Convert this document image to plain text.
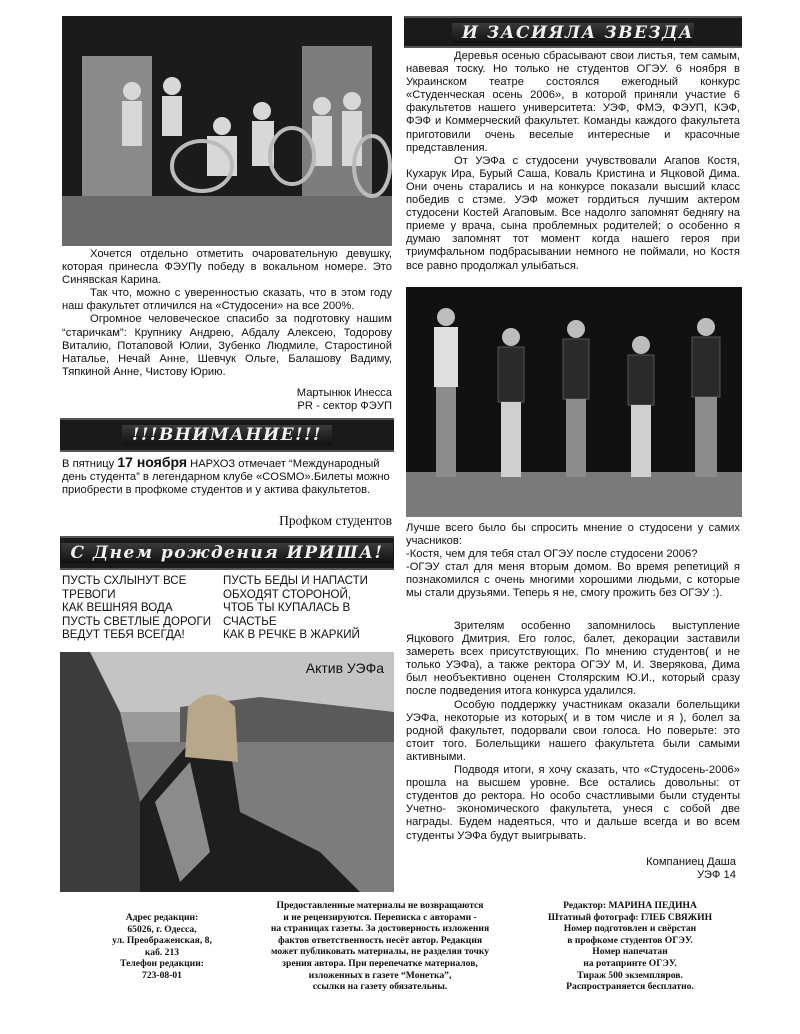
Хочется отдельно отметить очаровательную девушку, которая принесла ФЭУПу победу в вокальном номере. Это Синявская Карина.

Так что, можно с уверенностью сказать, что в этом году наш факультет отличился на «Студосени» на все 200%.

Огромное человеческое спасибо за подготовку нашим “старичкам”: Крупнику Андрею, Абдалу Алексею, Тодорову Виталию, Потаповой Юлии, Зубенко Людмиле, Старостиной Наталье, Нечай Анне, Шевчук Ольге, Балашову Вадиму, Тяпкиной Анне, Чистову Юрию.

Мартынюк Инесса
PR - сектор ФЭУП
!!!ВНИМАНИЕ!!!
В пятницу 17 ноября НАРХОЗ отмечает “Международный день студента” в легендарном клубе «COSMO».Билеты можно приобрести в профкоме студентов и у актива факультетов.
Профком студентов
С Днем рождения ИРИША!
ПУСТЬ СХЛЫНУТ ВСЕ
ТРЕВОГИ
КАК ВЕШНЯЯ ВОДА
ПУСТЬ СВЕТЛЫЕ ДОРОГИ
ВЕДУТ ТЕБЯ ВСЕГДА!
ПУСТЬ БЕДЫ И НАПАСТИ
ОБХОДЯТ СТОРОНОЙ,
ЧТОБ ТЫ КУПАЛАСЬ В
СЧАСТЬЕ
КАК В РЕЧКЕ В ЖАРКИЙ
Актив УЭФа
И ЗАСИЯЛА ЗВЕЗДА

Деревья осенью сбрасывают свои листья, тем самым, навевая тоску. Но только не студентов ОГЭУ. 6 ноября в Украинском театре состоялся ежегодный конкурс «Студенческая осень 2006», в которой приняли участие 6 факультетов нашего университета: УЭФ, ФМЭ, ФЭУП, КЭФ, ФЭФ и Коммерческий факультет. Команды каждого факультета приготовили очень веселые интересные и красочные представления.

От УЭФа с студосени учувствовали Агапов Костя, Кухарук Ира, Бурый Саша, Коваль Кристина и Яцковой Дима. Они очень старались и на конкурсе показали высший класс победив с стэме. УЭФ может гордиться лучшим актером студосени Костей Агаповым. Все надолго запомнят беднягу на приеме у врача, сына проблемных родителей; о особенно я думаю запомнят тот момент когда нашего героя при триумфальном подбрасывании немного не поймали, но Костя все равно продолжал улыбаться.

Лучше всего было бы спросить мнение о студосени у самих учасников:
-Костя, чем для тебя стал ОГЭУ после студосени 2006?
-ОГЭУ стал для меня вторым домом. Во время репетиций я познакомился с очень многими хорошими людьми, с которые мы стали друзьями. Теперь я не, смогу прожить без ОГЭУ :).

Зрителям особенно запомнилось выступление Яцкового Дмитрия. Его голос, балет, декорации заставили замереть всех присутствующих. По мнению студентов( и не только УЭФа), а также ректора ОГЭУ М, И. Зверякова, Дима был необъективно оценен Столярским Ю.И., который сразу после подведения итога конкурса удалился.

Особую поддержку участникам оказали болельщики УЭФа, некоторые из которых( и в том числе и я ), болел за родной факультет, подорвали свои голоса. Но поверьте: это стоит того. Болельщики нашего факультета были самыми активными.

Подводя итоги, я хочу сказать, что «Студосень-2006» прошла на высшем уровне. Все остались довольны: от студентов до ректора. Но особо счастливыми были студенты Учетно- экономического факультета, унеся с собой две награды. Будем надеяться, что и дальше всегда и во всем студенты УЭФа будут выигрывать.

Компаниец Даша
УЭФ 14
Адрес редакции:
65026, г. Одесса,
ул. Преображенская, 8,
каб. 213
Телефон редакции:
723-08-01
Предоставленные материалы не возвращаются
и не рецензируются. Переписка с авторами -
на страницах газеты. За достоверность изложения
фактов ответственность несёт автор. Редакция
может публиковать материалы, не разделяя точку
зрения автора. При перепечатке материалов,
изложенных в газете “Монетка”,
ссылки на газету обязательны.
Редактор: МАРИНА ПЕДИНА
Штатный фотограф: ГЛЕБ СВЯЖИН
Номер подготовлен и свёрстан
в профкоме студентов ОГЭУ.
Номер напечатан
на ротапринте ОГЭУ.
Тираж 500 экземпляров.
Распространяется бесплатно.
